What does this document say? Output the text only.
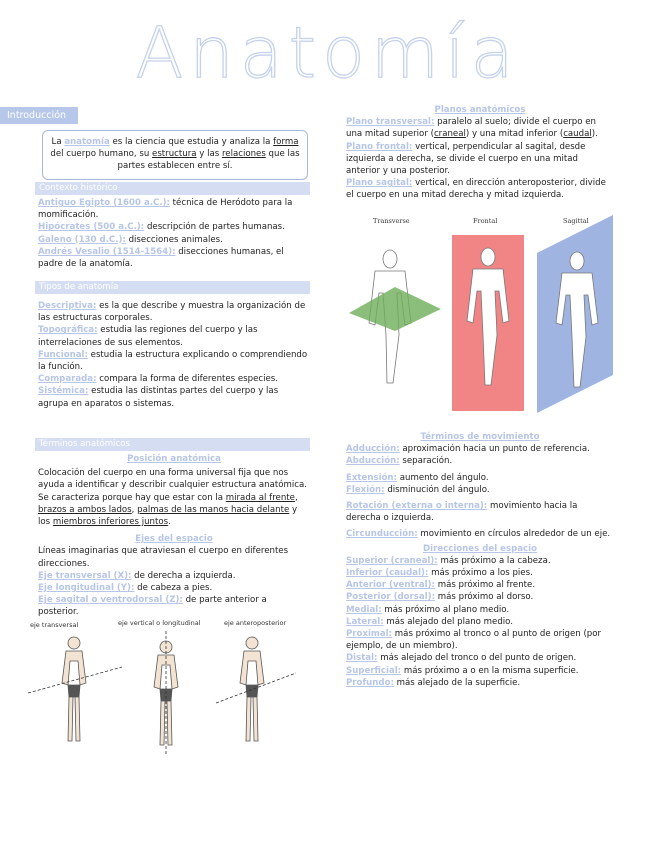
Anatomía
Introducción
La anatomía es la ciencia que estudia y analiza la forma del cuerpo humano, su estructura y las relaciones que las partes establecen entre sí.
Contexto histórico

Antiguo Egipto (1600 a.C.): técnica de Heródoto para la momificación.

Hipócrates (500 a.C.): descripción de partes humanas.

Galeno (130 d.C.): disecciones animales.

Andrés Vesalio (1514-1564): disecciones humanas, el padre de la anatomía.

Tipos de anatomía

Descriptiva: es la que describe y muestra la organización de las estructuras corporales.

Topográfica: estudia las regiones del cuerpo y las interrelaciones de sus elementos.

Funcional: estudia la estructura explicando o comprendiendo la función.

Comparada: compara la forma de diferentes especies.

Sistémica: estudia las distintas partes del cuerpo y las agrupa en aparatos o sistemas.

Términos anatómicos
Posición anatómica

Colocación del cuerpo en una forma universal fija que nos ayuda a identificar y describir cualquier estructura anatómica. Se caracteriza porque hay que estar con la mirada al frente, brazos a ambos lados, palmas de las manos hacia delante y los miembros inferiores juntos.

Ejes del espacio

Líneas imaginarias que atraviesan el cuerpo en diferentes direcciones.

Eje transversal (X): de derecha a izquierda.

Eje longitudinal (Y): de cabeza a pies.

Eje sagital o ventrodorsal (Z): de parte anterior a posterior.

eje transversal	eje vertical o longitudinal	eje anteroposterior
Planos anatómicos

Plano transversal: paralelo al suelo; divide el cuerpo en una mitad superior (craneal) y una mitad inferior (caudal).

Plano frontal: vertical, perpendicular al sagital, desde izquierda a derecha, se divide el cuerpo en una mitad anterior y una posterior.

Plano sagital: vertical, en dirección anteroposterior, divide el cuerpo en una mitad derecha y mitad izquierda.

Transverse	Frontal	Sagittal
Términos de movimiento

Adducción: aproximación hacia un punto de referencia.

Abducción: separación.

Extensión: aumento del ángulo.

Flexión: disminución del ángulo.

Rotación (externa o interna): movimiento hacia la derecha o izquierda.

Circunducción: movimiento en círculos alrededor de un eje.

Direcciones del espacio

Superior (craneal): más próximo a la cabeza.

Inferior (caudal): más próximo a los pies.

Anterior (ventral): más próximo al frente.

Posterior (dorsal): más próximo al dorso.

Medial: más próximo al plano medio.

Lateral: más alejado del plano medio.

Proximal: más próximo al tronco o al punto de origen (por ejemplo, de un miembro).

Distal: más alejado del tronco o del punto de origen.

Superficial: más próximo a o en la misma superficie.

Profundo: más alejado de la superficie.
